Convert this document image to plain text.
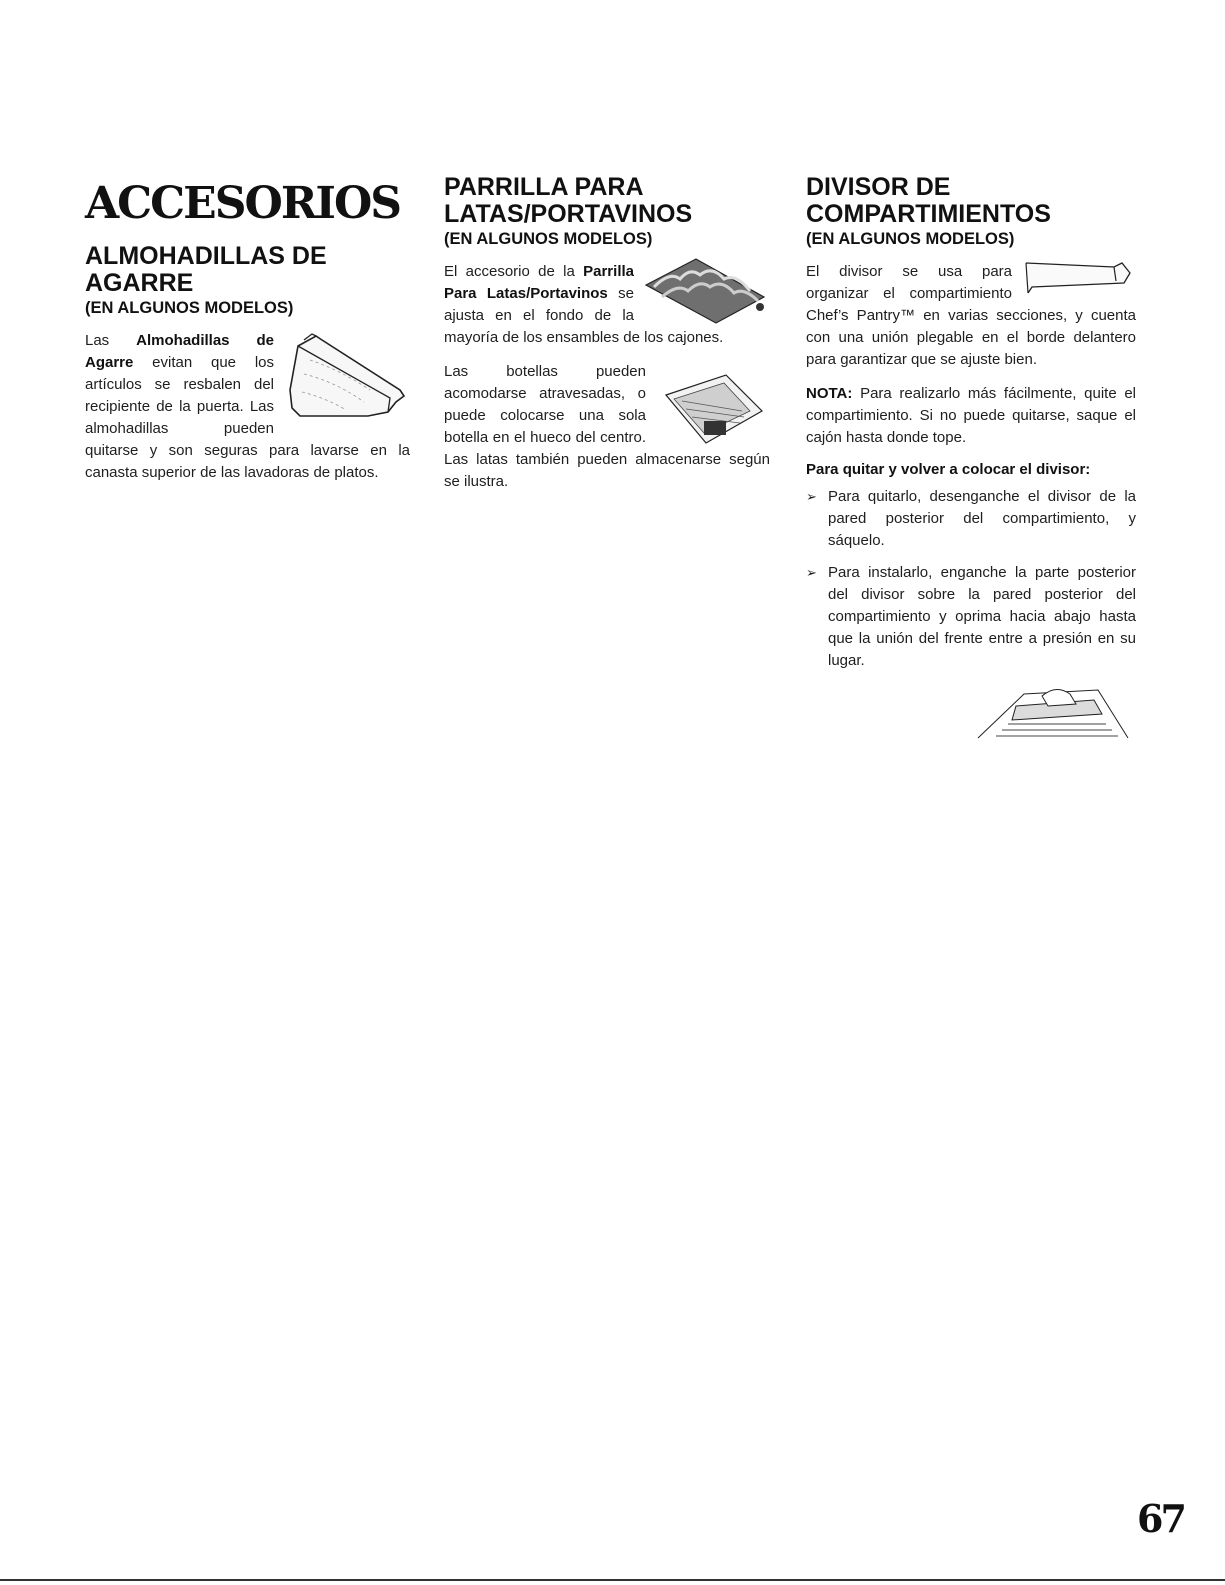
ACCESORIOS
ALMOHADILLAS DE AGARRE
(EN ALGUNOS MODELOS)

Las Almohadillas de Agarre evitan que los artículos se resbalen del recipiente de la puerta. Las almohadillas pueden quitarse y son seguras para lavarse en la canasta superior de las lavadoras de platos.

PARRILLA PARA LATAS/PORTAVINOS
(EN ALGUNOS MODELOS)

El accesorio de la Parrilla Para Latas/Portavinos se ajusta en el fondo de la mayoría de los ensambles de los cajones.

Las botellas pueden acomodarse atravesadas, o puede colocarse una sola botella en el hueco del centro. Las latas también pueden almacenarse según se ilustra.

DIVISOR DE COMPARTIMIENTOS
(EN ALGUNOS MODELOS)

El divisor se usa para organizar el compartimiento Chef’s Pantry™ en varias secciones, y cuenta con una unión plegable en el borde delantero para garantizar que se ajuste bien.

NOTA: Para realizarlo más fácilmente, quite el compartimiento. Si no puede quitarse, saque el cajón hasta donde tope.

Para quitar y volver a colocar el divisor:
➢ Para quitarlo, desenganche el divisor de la pared posterior del compartimiento, y sáquelo.
➢ Para instalarlo, enganche la parte posterior del divisor sobre la pared posterior del compartimiento y oprima hacia abajo hasta que la unión del frente entre a presión en su lugar.
67
